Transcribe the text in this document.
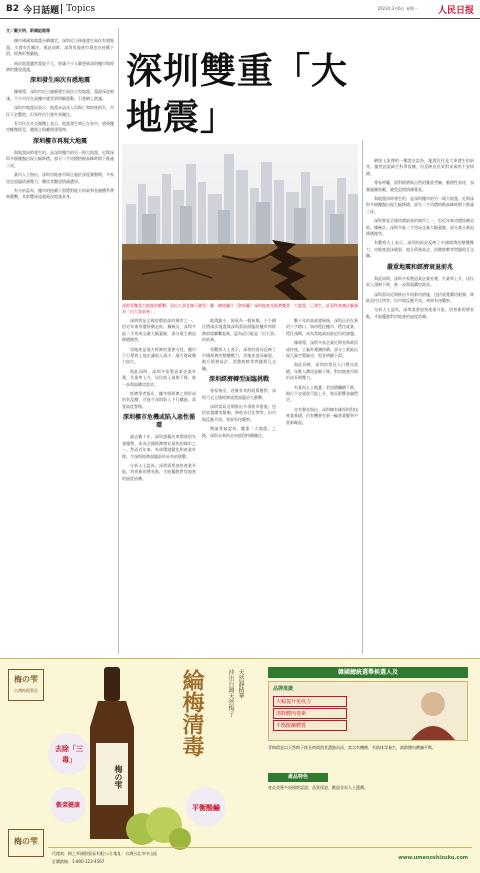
B2 今日話題 Topics	2023年3月6日 星期一 人民日报
文／戴天明、新聞組報導

據中國國家地震台網測定，深圳近日接連發生兩次有感地震，引發市民關注。與此同時，深圳房地產市場也在持續下滑，經濟形勢嚴峻。

兩次地震雖然震級不大，卻讓不少人聯想到深圳樓市與經濟的雙重震盪。

深圳發生兩次有感地震

據報導，深圳市近日連續發生兩次小型地震，震源深度較淺，不少市民在高樓中感受到明顯震動，引發網上熱議。

深圳市地震局表示，地震未造成人員傷亡和財產損失，市民不必驚慌，但事件仍引發外界關注。

有市民在社交媒體上表示，地震發生時正在家中，感到樓房輕微搖晃，隨後立即離開建築物。

深圳樓市再現大地震

與地震同時發生的，是深圳樓市的另一場大地震。近期深圳多個樓盤出現大幅降價，部分二手房價格較高峰時期下跌逾三成。

業內人士指出，深圳房地產市場正處於深度調整期，多家房企面臨債務壓力，購房者觀望情緒濃厚。

有分析認為，樓市的持續下滑將對地方財政和金融體系帶來衝擊，其影響或遠超兩次地震本身。

深圳雙重「大地震」
深圳受雙重大地震的衝擊，恐出大事且無可避免！圖：網絡圖片（資料圖）深圳地產及經濟雙重「大地震」已發生，此事件被廣泛解讀為「出大事前奏」。

深圳曾是全國房價最高的城市之一，但近年來房價持續走低。據統計，深圳多區二手房成交量大幅萎縮，部分業主被迫降價拋售。

房地產是地方經濟的重要支柱，樓市下行導致土地出讓收入減少，地方財政壓力加大。

與此同時，深圳多家製造業企業外遷，失業率上升，居民收入預期下降，進一步削弱購房需求。

經濟學者指出，樓市與經濟之間形成的負反饋，可能令深圳陷入下行螺旋，需要高度警惕。

深圳樓市危機或陷入惡性循環

過去數十年，深圳憑藉改革開放的先發優勢，成為全國經濟增長最快的城市之一。然而近年來，外部環境變化和產業外移，令深圳經濟面臨前所未有的挑戰。

分析人士認為，深圳需要加快產業升級，培育新的增長點，才能擺脫對房地產的過度依賴。

地震雖小，卻成為一個象徵。不少網民將兩次地震與深圳當前面臨的樓市和經濟困境聯繫起來，認為這可能是「出大事」的前奏。

有觀察人士表示，深圳的困局反映了中國經濟的整體壓力，房地產泡沫破裂、地方債務高企、消費疲軟等問題相互交織。

深圳經濟轉型面臨挑戰

專家指出，若無有效的政策應對，深圳乃至全國經濟或將面臨更大衝擊。

深圳當局近期推出多項救市措施，包括放寬購房限制、降低首付比例等，但市場反應平淡，效果有待觀察。

輿論普遍認為，雙重「大地震」之後，深圳未來的走向值得持續關注。

數十年的高速發展後，深圳正站在新的十字路口。如何穩住樓市、穩住就業、穩住預期，成為當地政府最迫切的課題。

據報導，深圳多家企業近期宣佈裁員或停產，工廠外遷潮持續。部分工業區出現大量空置廠房，租金明顯下滑。

與此同時，深圳的常住人口增長放緩，年輕人購房意願下降，對房地產市場形成長期壓力。

有業內人士擔憂，若房價繼續下跌，銀行不良貸款可能上升，進而影響金融穩定。

也有聲音指出，深圳擁有雄厚的科技產業基礎，仍有機會在新一輪產業變革中重新崛起。

網絡上流傳的一種說法認為，地震往往是大事發生的前兆。雖然此說缺乏科學依據，但反映出民眾對未來的不安情緒。

專家呼籲，面對經濟與自然的雙重考驗，應理性看待，加強風險防範，避免恐慌情緒蔓延。

與地震同時發生的，是深圳樓市的另一場大地震。近期深圳多個樓盤出現大幅降價，部分二手房價格較高峰時期下跌逾三成。

深圳曾是全國房價最高的城市之一，但近年來房價持續走低。據統計，深圳多區二手房成交量大幅萎縮，部分業主被迫降價拋售。

有觀察人士表示，深圳的困局反映了中國經濟的整體壓力，房地產泡沫破裂、地方債務高企、消費疲軟等問題相互交織。

嚴重地震和經濟衰退前兆

與此同時，深圳多家製造業企業外遷，失業率上升，居民收入預期下降，進一步削弱購房需求。

深圳當局近期推出多項救市措施，包括放寬購房限制、降低首付比例等，但市場反應平淡，效果有待觀察。

分析人士認為，深圳需要加快產業升級，培育新的增長點，才能擺脫對房地產的過度依賴。

梅の雫
台灣梅精製品
梅の雫
梅の雫
去除「三毒」
穀菜健康	平衡酸鹼
綸梅清毒	沖出台灣天然梅子 天然靜精華	韓國總統選舉候選人及
品牌推廣
大幅提升免疫力
清除體內毒素
平衡酸鹼體質
青梅精是以天然梅子經長時間熬煮濃縮而成，富含有機酸，有助排毒養生，調節體內酸鹼平衡。
產品特色
產品榮獲多項國際認證，品質保證，歡迎各界人士選購。
代理商：梅之雫國際貿易有限公司 地址：台灣台北市中山區
訂購熱線：1-800-123-4567
www.umenoshizuku.com
